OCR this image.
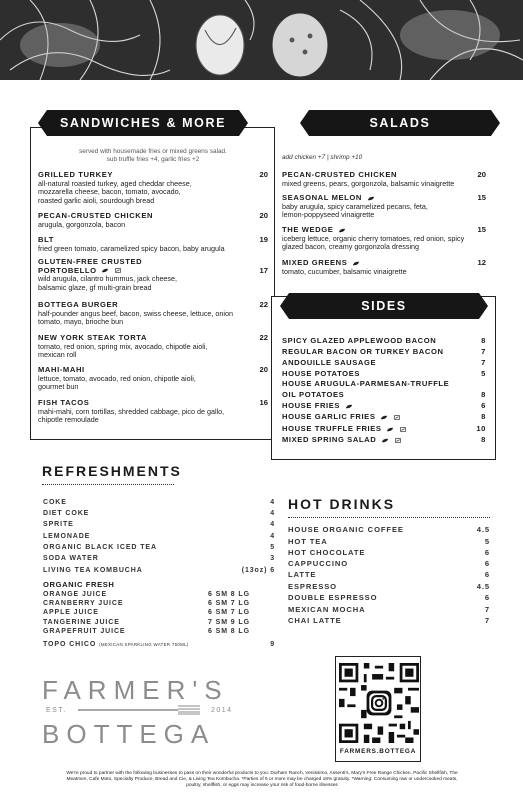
SANDWICHES & MORE
served with housemade fries or mixed greens salad.
sub truffle fries +4, garlic fries +2
GRILLED TURKEY	20
all-natural roasted turkey, aged cheddar cheese,
mozzarella cheese, bacon, tomato, avocado,
roasted garlic aioli, sourdough bread
PECAN-CRUSTED CHICKEN	20
arugula, gorgonzola, bacon
BLT	19
fried green tomato, caramelized spicy bacon, baby arugula
GLUTEN-FREE CRUSTED
PORTOBELLO	17
wild arugula, cilantro hummus, jack cheese,
balsamic glaze, gf multi-grain bread
BOTTEGA BURGER	22
half-pounder angus beef, bacon, swiss cheese, lettuce, onion
tomato, mayo, brioche bun
NEW YORK STEAK TORTA	22
tomato, red onion, spring mix, avocado, chipotle aioli,
mexican roll
MAHI-MAHI	20
lettuce, tomato, avocado, red onion, chipotle aioli,
gourmet bun
FISH TACOS	16
mahi-mahi, corn tortillas, shredded cabbage, pico de gallo,
chipotle remoulade
SALADS
add chicken +7 | shrimp +10
PECAN-CRUSTED CHICKEN	20
mixed greens, pears, gorgonzola, balsamic vinaigrette
SEASONAL MELON	15
baby arugula, spicy caramelized pecans, feta,
lemon-poppyseed vinaigrette
THE WEDGE	15
iceberg lettuce, organic cherry tomatoes, red onion, spicy
glazed bacon, creamy gorgonzola dressing
MIXED GREENS	12
tomato, cucumber, balsamic vinaigrette
SIDES
SPICY GLAZED APPLEWOOD BACON	8
REGULAR BACON OR TURKEY BACON	7
ANDOUILLE SAUSAGE	7
HOUSE POTATOES	5
HOUSE ARUGULA-PARMESAN-TRUFFLE
OIL POTATOES	8
HOUSE FRIES	6
HOUSE GARLIC FRIES	8
HOUSE TRUFFLE FRIES	10
MIXED SPRING SALAD	8
REFRESHMENTS
COKE	4
DIET COKE	4
SPRITE	4
LEMONADE	4
ORGANIC BLACK ICED TEA	5
SODA WATER	3
LIVING TEA KOMBUCHA	(13oz) 6
ORGANIC FRESH
ORANGE JUICE	6 SM 8 LG
CRANBERRY JUICE	6 SM 7 LG
APPLE JUICE	6 SM 7 LG
TANGERINE JUICE	7 SM 9 LG
GRAPEFRUIT JUICE	6 SM 8 LG
TOPO CHICO (MEXICAN SPARKLING WATER 750ML)	9
HOT DRINKS
HOUSE ORGANIC COFFEE	4.5
HOT TEA	5
HOT CHOCOLATE	6
CAPPUCCINO	6
LATTE	6
ESPRESSO	4.5
DOUBLE ESPRESSO	6
MEXICAN MOCHA	7
CHAI LATTE	7
FARMER'S
EST.	2014
BOTTEGA
FARMERS.BOTTEGA
We're proud to partner with the following businesses to pass on their wonderful products to you: Durham Ranch, Venissimo, Assenti's, Mary's Free Range Chicken, Pacific Shellfish, The
Meatmen, Cafe Moto, Specialty Produce, Bread and Cie, & Living Tea Kombucha. *Parties of 6 or more may be charged 18% gratuity. *Warning: Consuming raw or undercooked meats,
poultry, shellfish, or eggs may increase your risk of food-borne illnesses
